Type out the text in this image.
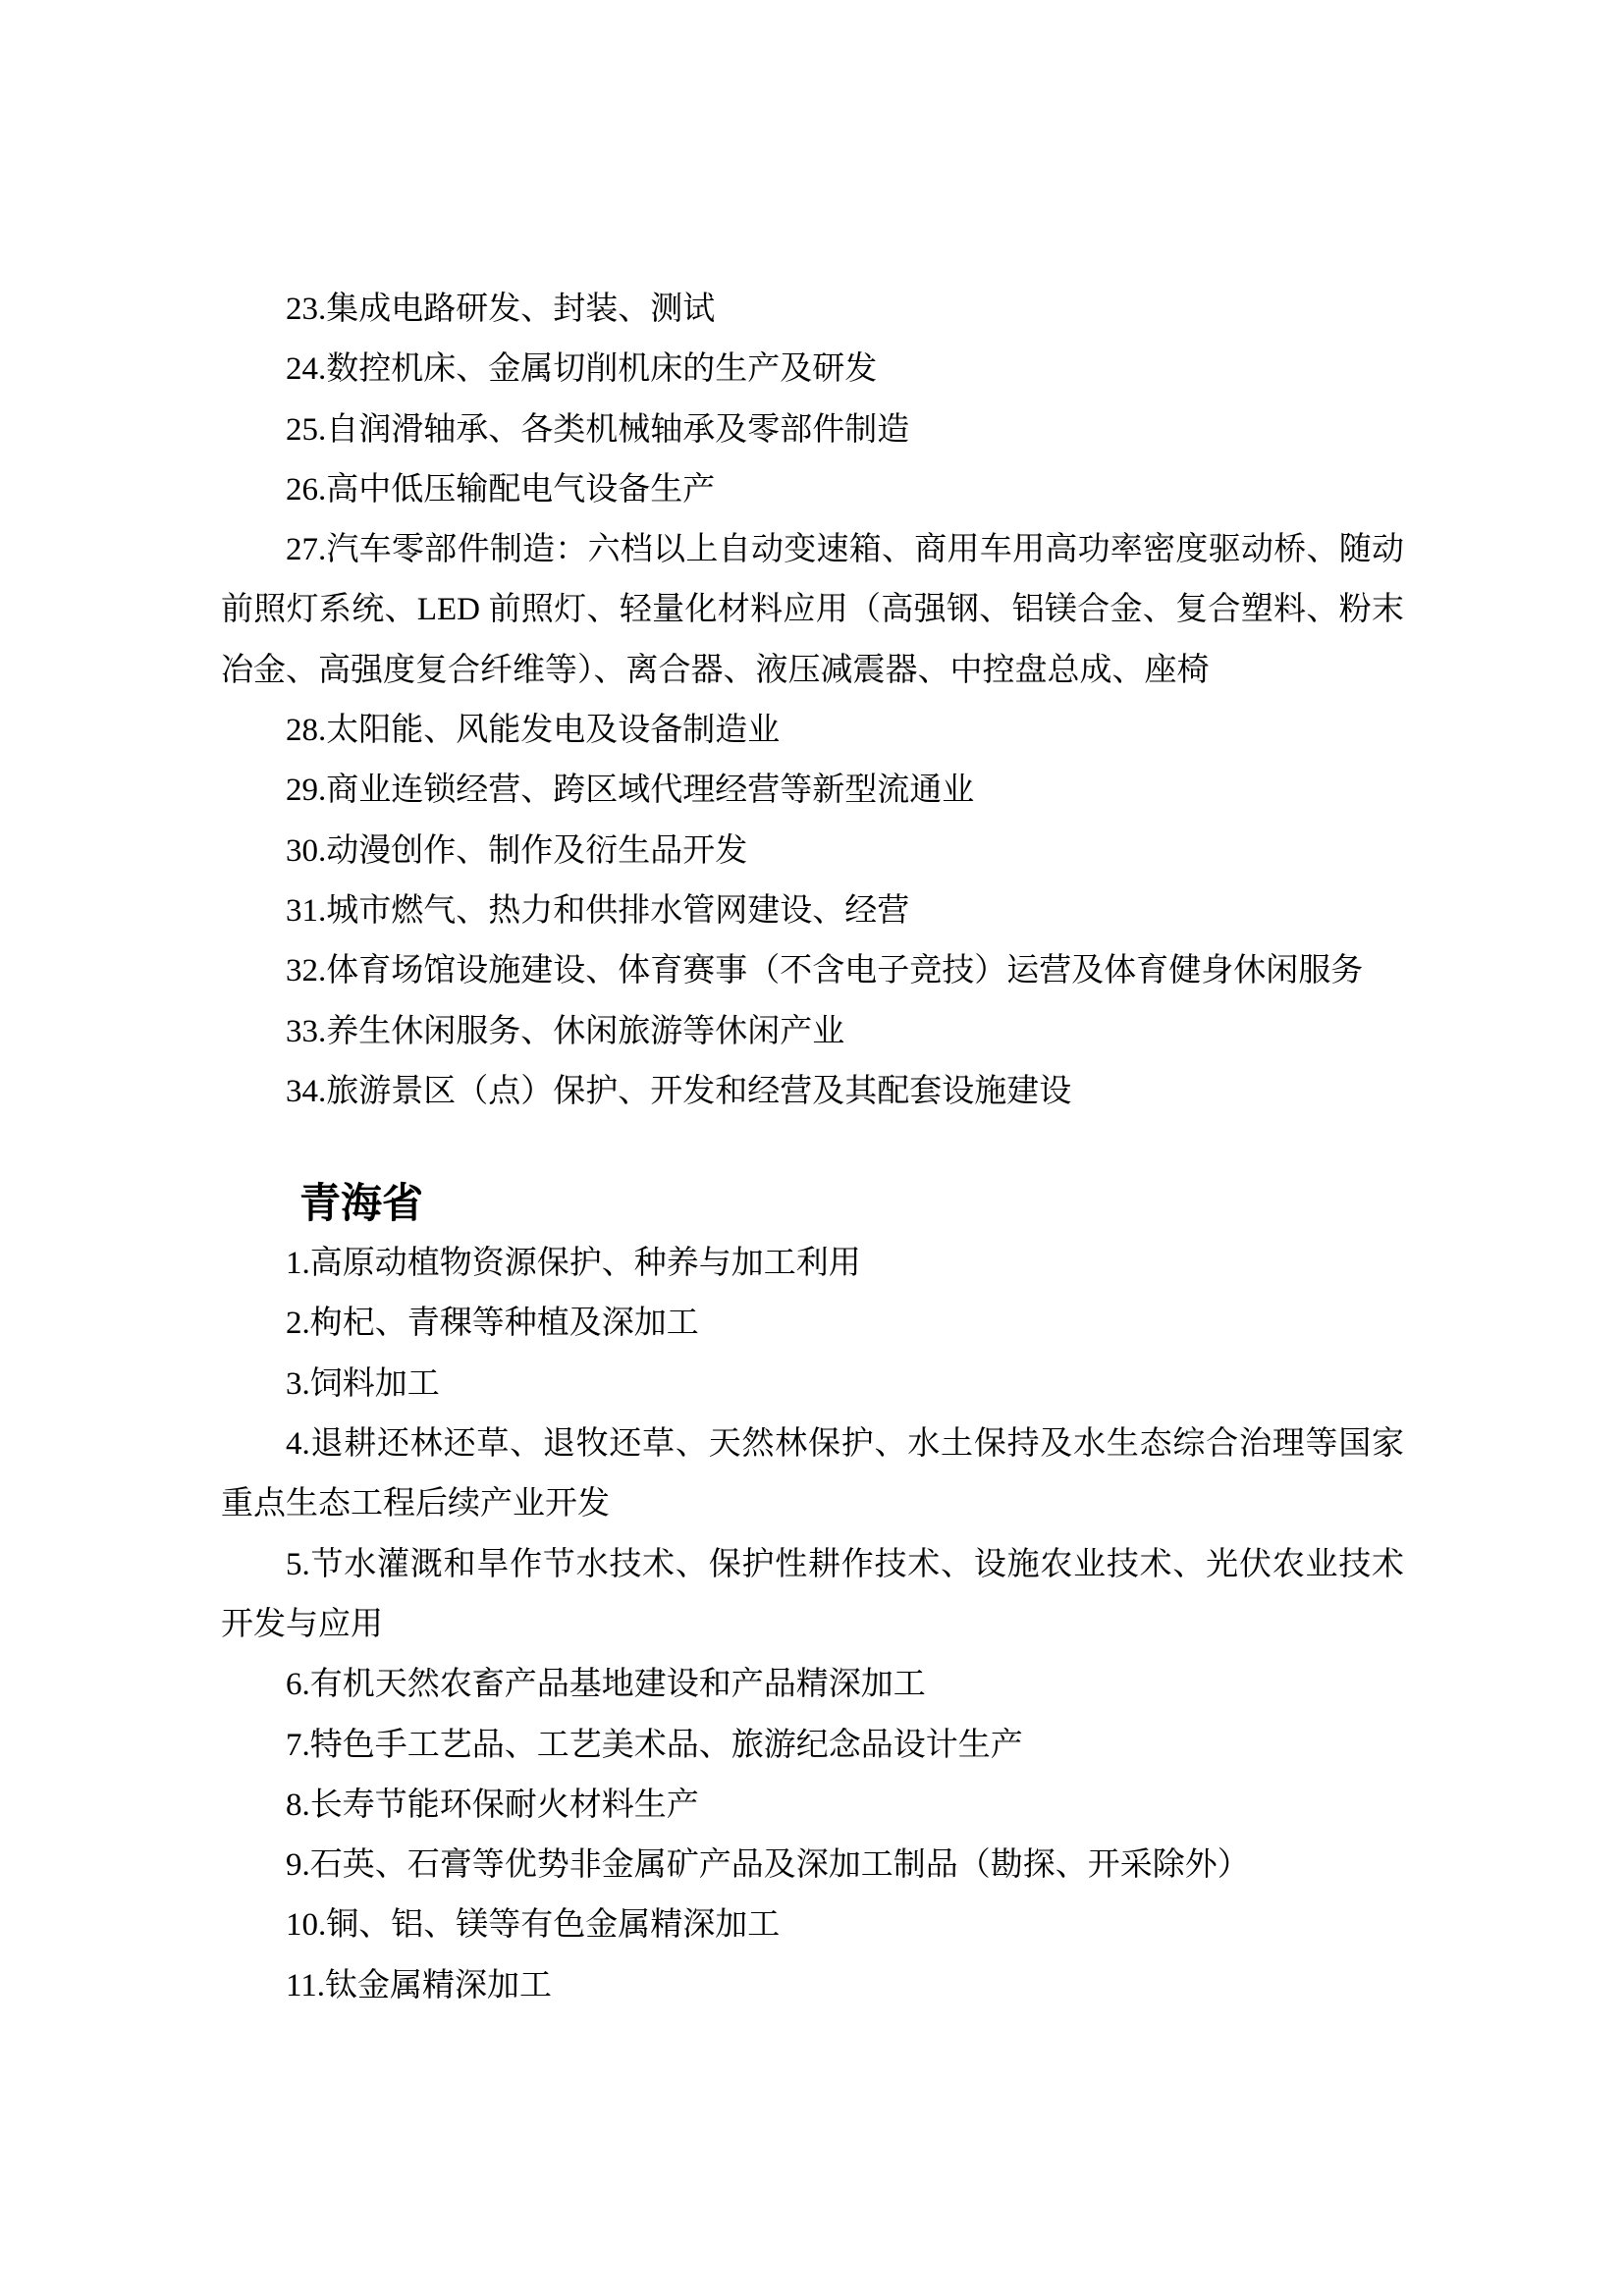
23.集成电路研发、封装、测试

24.数控机床、金属切削机床的生产及研发

25.自润滑轴承、各类机械轴承及零部件制造

26.高中低压输配电气设备生产

27.汽车零部件制造：六档以上自动变速箱、商用车用高功率密度驱动桥、随动前照灯系统、LED 前照灯、轻量化材料应用（高强钢、铝镁合金、复合塑料、粉末冶金、高强度复合纤维等）、离合器、液压减震器、中控盘总成、座椅

28.太阳能、风能发电及设备制造业

29.商业连锁经营、跨区域代理经营等新型流通业

30.动漫创作、制作及衍生品开发

31.城市燃气、热力和供排水管网建设、经营

32.体育场馆设施建设、体育赛事（不含电子竞技）运营及体育健身休闲服务

33.养生休闲服务、休闲旅游等休闲产业

34.旅游景区（点）保护、开发和经营及其配套设施建设

青海省

1.高原动植物资源保护、种养与加工利用

2.枸杞、青稞等种植及深加工

3.饲料加工

4.退耕还林还草、退牧还草、天然林保护、水土保持及水生态综合治理等国家重点生态工程后续产业开发

5.节水灌溉和旱作节水技术、保护性耕作技术、设施农业技术、光伏农业技术开发与应用

6.有机天然农畜产品基地建设和产品精深加工

7.特色手工艺品、工艺美术品、旅游纪念品设计生产

8.长寿节能环保耐火材料生产

9.石英、石膏等优势非金属矿产品及深加工制品（勘探、开采除外）

10.铜、铝、镁等有色金属精深加工

11.钛金属精深加工
